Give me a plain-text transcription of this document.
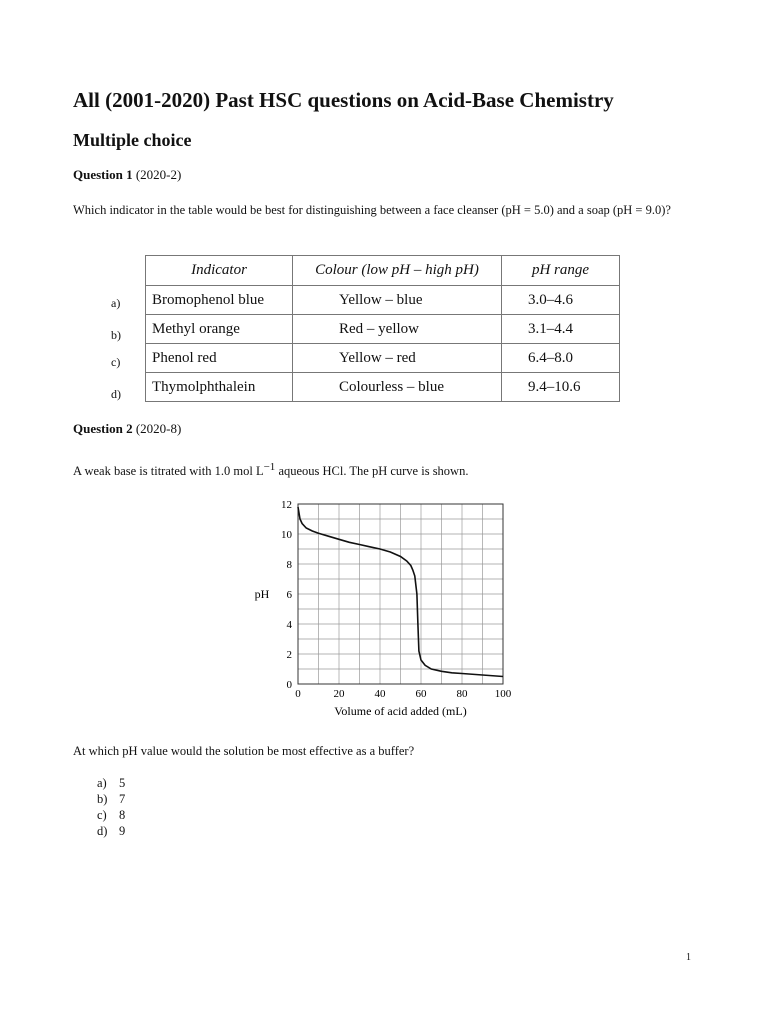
All (2001-2020) Past HSC questions on Acid-Base Chemistry
Multiple choice
Question 1 (2020-2)
Which indicator in the table would be best for distinguishing between a face cleanser (pH = 5.0) and a soap (pH = 9.0)?
Indicator	Colour (low pH – high pH)	pH range
Bromophenol blue	Yellow – blue	3.0–4.6
Methyl orange	Red – yellow	3.1–4.4
Phenol red	Yellow – red	6.4–8.0
Thymolphthalein	Colourless – blue	9.4–10.6
a)
b)
c)
d)
Question 2 (2020-8)
A weak base is titrated with 1.0 mol $L^{-1}$ aqueous HCl. The pH curve is shown.
0	20	40	60	80 100
0
2
4
6
8
10
12
pH
Volume of acid added (mL)
At which pH value would the solution be most effective as a buffer?
a) 5
b) 7
c) 8
d) 9
1
